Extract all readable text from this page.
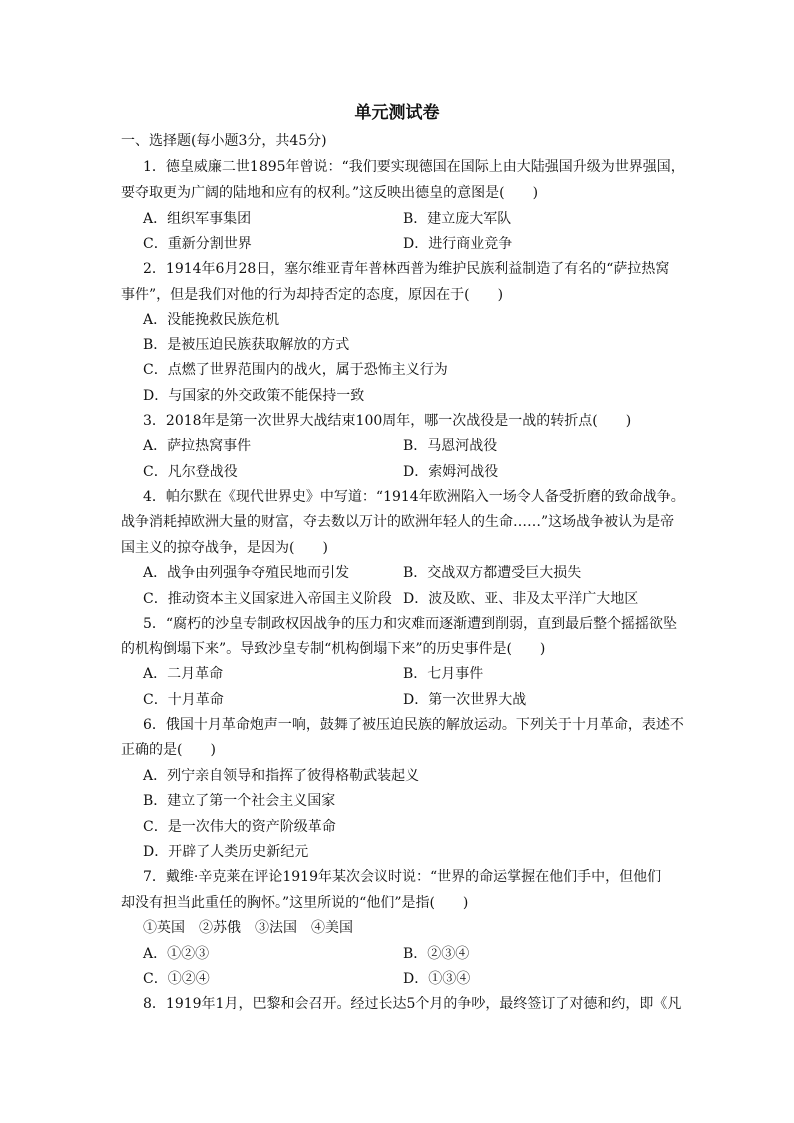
单元测试卷
一、选择题(每小题3分，共45分)
1．德皇威廉二世1895年曾说：“我们要实现德国在国际上由大陆强国升级为世界强国，
要夺取更为广阔的陆地和应有的权利。”这反映出德皇的意图是(　　)
A．组织军事集团	B．建立庞大军队
C．重新分割世界	D．进行商业竞争
2．1914年6月28日，塞尔维亚青年普林西普为维护民族利益制造了有名的“萨拉热窝
事件”，但是我们对他的行为却持否定的态度，原因在于(　　)
A．没能挽救民族危机
B．是被压迫民族获取解放的方式
C．点燃了世界范围内的战火，属于恐怖主义行为
D．与国家的外交政策不能保持一致
3．2018年是第一次世界大战结束100周年，哪一次战役是一战的转折点(　　)
A．萨拉热窝事件	B．马恩河战役
C．凡尔登战役	D．索姆河战役
4．帕尔默在《现代世界史》中写道：“1914年欧洲陷入一场令人备受折磨的致命战争。
战争消耗掉欧洲大量的财富，夺去数以万计的欧洲年轻人的生命……”这场战争被认为是帝
国主义的掠夺战争，是因为(　　)
A．战争由列强争夺殖民地而引发	B．交战双方都遭受巨大损失
C．推动资本主义国家进入帝国主义阶段 D．波及欧、亚、非及太平洋广大地区
5．“腐朽的沙皇专制政权因战争的压力和灾难而逐渐遭到削弱，直到最后整个摇摇欲坠
的机构倒塌下来”。导致沙皇专制“机构倒塌下来”的历史事件是(　　)
A．二月革命	B．七月事件
C．十月革命	D．第一次世界大战
6．俄国十月革命炮声一响，鼓舞了被压迫民族的解放运动。下列关于十月革命，表述不
正确的是(　　)
A．列宁亲自领导和指挥了彼得格勒武装起义
B．建立了第一个社会主义国家
C．是一次伟大的资产阶级革命
D．开辟了人类历史新纪元
7．戴维·辛克莱在评论1919年某次会议时说：“世界的命运掌握在他们手中，但他们
却没有担当此重任的胸怀。”这里所说的“他们”是指(　　)
①英国　②苏俄　③法国　④美国
A．①②③	B．②③④
C．①②④	D．①③④
8．1919年1月，巴黎和会召开。经过长达5个月的争吵，最终签订了对德和约，即《凡
